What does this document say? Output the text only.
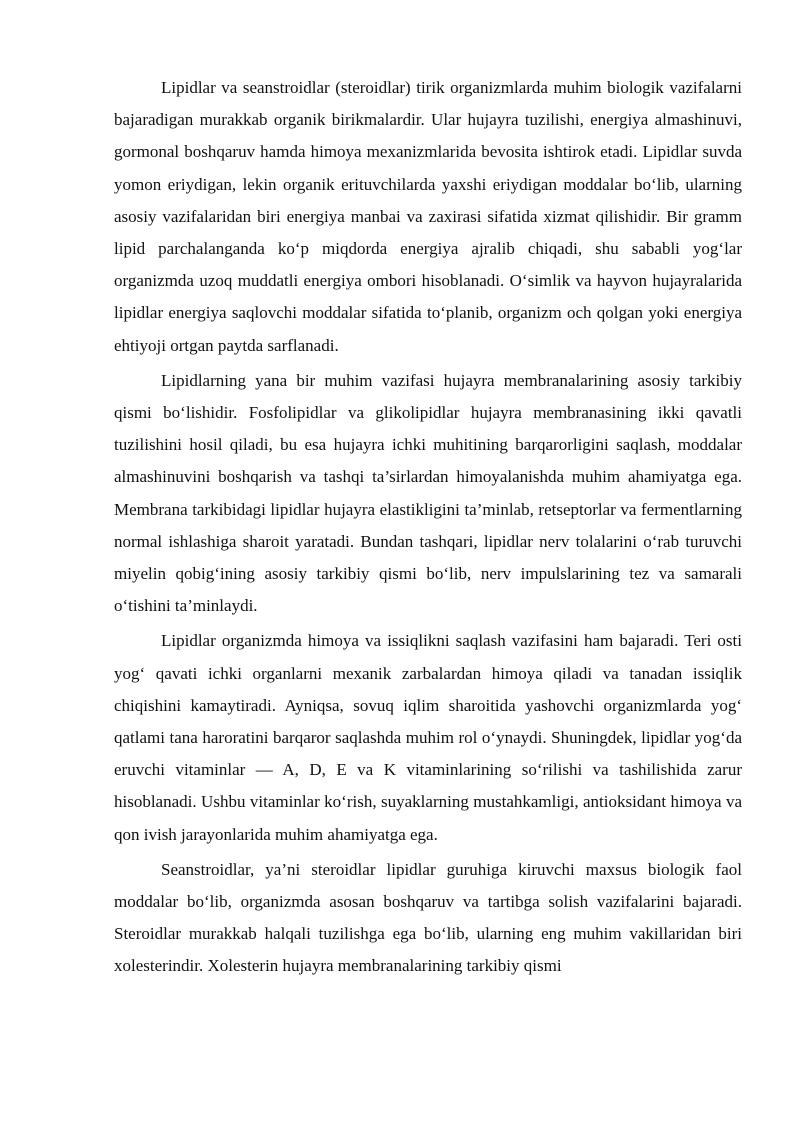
Lipidlar va seanstroidlar (steroidlar) tirik organizmlarda muhim biologik vazifalarni bajaradigan murakkab organik birikmalardir. Ular hujayra tuzilishi, energiya almashinuvi, gormonal boshqaruv hamda himoya mexanizmlarida bevosita ishtirok etadi. Lipidlar suvda yomon eriydigan, lekin organik erituvchilarda yaxshi eriydigan moddalar bo‘lib, ularning asosiy vazifalaridan biri energiya manbai va zaxirasi sifatida xizmat qilishidir. Bir gramm lipid parchalanganda ko‘p miqdorda energiya ajralib chiqadi, shu sababli yog‘lar organizmda uzoq muddatli energiya ombori hisoblanadi. O‘simlik va hayvon hujayralarida lipidlar energiya saqlovchi moddalar sifatida to‘planib, organizm och qolgan yoki energiya ehtiyoji ortgan paytda sarflanadi.

Lipidlarning yana bir muhim vazifasi hujayra membranalarining asosiy tarkibiy qismi bo‘lishidir. Fosfolipidlar va glikolipidlar hujayra membranasining ikki qavatli tuzilishini hosil qiladi, bu esa hujayra ichki muhitining barqarorligini saqlash, moddalar almashinuvini boshqarish va tashqi ta’sirlardan himoyalanishda muhim ahamiyatga ega. Membrana tarkibidagi lipidlar hujayra elastikligini ta’minlab, retseptorlar va fermentlarning normal ishlashiga sharoit yaratadi. Bundan tashqari, lipidlar nerv tolalarini o‘rab turuvchi miyelin qobig‘ining asosiy tarkibiy qismi bo‘lib, nerv impulslarining tez va samarali o‘tishini ta’minlaydi.

Lipidlar organizmda himoya va issiqlikni saqlash vazifasini ham bajaradi. Teri osti yog‘ qavati ichki organlarni mexanik zarbalardan himoya qiladi va tanadan issiqlik chiqishini kamaytiradi. Ayniqsa, sovuq iqlim sharoitida yashovchi organizmlarda yog‘ qatlami tana haroratini barqaror saqlashda muhim rol o‘ynaydi. Shuningdek, lipidlar yog‘da eruvchi vitaminlar — A, D, E va K vitaminlarining so‘rilishi va tashilishida zarur hisoblanadi. Ushbu vitaminlar ko‘rish, suyaklarning mustahkamligi, antioksidant himoya va qon ivish jarayonlarida muhim ahamiyatga ega.

Seanstroidlar, ya’ni steroidlar lipidlar guruhiga kiruvchi maxsus biologik faol moddalar bo‘lib, organizmda asosan boshqaruv va tartibga solish vazifalarini bajaradi. Steroidlar murakkab halqali tuzilishga ega bo‘lib, ularning eng muhim vakillaridan biri xolesterindir. Xolesterin hujayra membranalarining tarkibiy qismi
